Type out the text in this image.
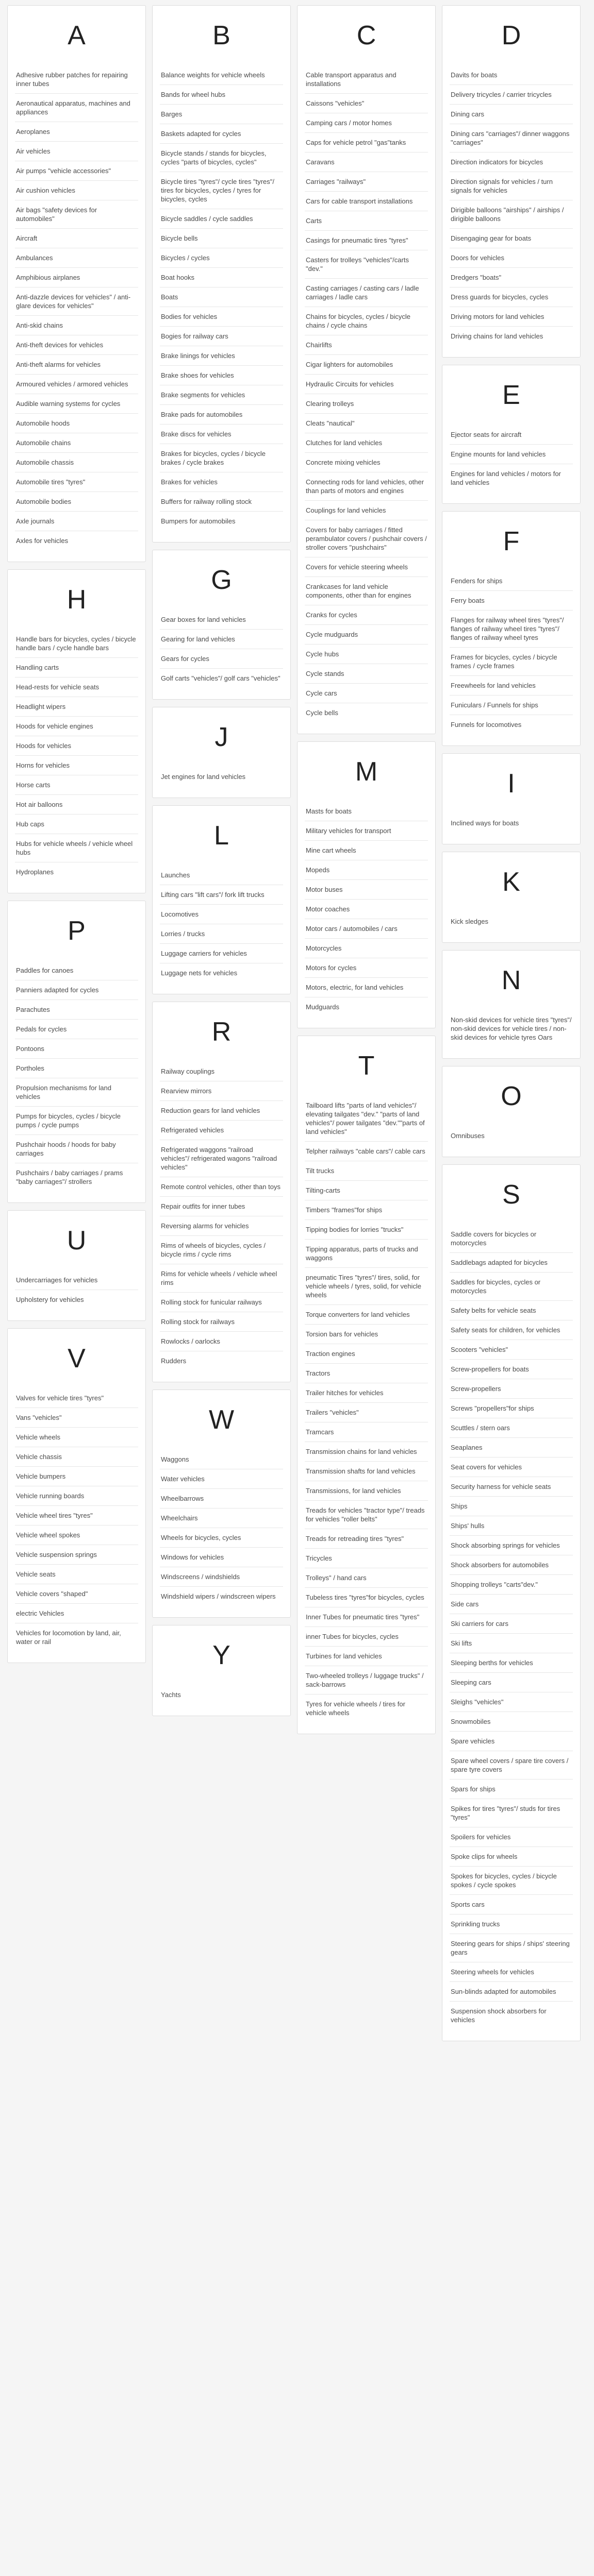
A
Adhesive rubber patches for repairing inner tubes
Aeronautical apparatus, machines and appliances
Aeroplanes
Air vehicles
Air pumps "vehicle accessories"
Air cushion vehicles
Air bags "safety devices for automobiles"
Aircraft
Ambulances
Amphibious airplanes
Anti-dazzle devices for vehicles" / anti-glare devices for vehicles"
Anti-skid chains
Anti-theft devices for vehicles
Anti-theft alarms for vehicles
Armoured vehicles / armored vehicles
Audible warning systems for cycles
Automobile hoods
Automobile chains
Automobile chassis
Automobile tires "tyres"
Automobile bodies
Axle journals
Axles for vehicles
H
Handle bars for bicycles, cycles / bicycle handle bars / cycle handle bars
Handling carts
Head-rests for vehicle seats
Headlight wipers
Hoods for vehicle engines
Hoods for vehicles
Horns for vehicles
Horse carts
Hot air balloons
Hub caps
Hubs for vehicle wheels / vehicle wheel hubs
Hydroplanes
P
Paddles for canoes
Panniers adapted for cycles
Parachutes
Pedals for cycles
Pontoons
Portholes
Propulsion mechanisms for land vehicles
Pumps for bicycles, cycles / bicycle pumps / cycle pumps
Pushchair hoods / hoods for baby carriages
Pushchairs / baby carriages / prams "baby carriages"/ strollers
U
Undercarriages for vehicles
Upholstery for vehicles
V
Valves for vehicle tires "tyres"
Vans "vehicles"
Vehicle wheels
Vehicle chassis
Vehicle bumpers
Vehicle running boards
Vehicle wheel tires "tyres"
Vehicle wheel spokes
Vehicle suspension springs
Vehicle seats
Vehicle covers "shaped"
electric Vehicles
Vehicles for locomotion by land, air, water or rail
B
Balance weights for vehicle wheels
Bands for wheel hubs
Barges
Baskets adapted for cycles
Bicycle stands / stands for bicycles, cycles "parts of bicycles, cycles"
Bicycle tires "tyres"/ cycle tires "tyres"/ tires for bicycles, cycles / tyres for bicycles, cycles
Bicycle saddles / cycle saddles
Bicycle bells
Bicycles / cycles
Boat hooks
Boats
Bodies for vehicles
Bogies for railway cars
Brake linings for vehicles
Brake shoes for vehicles
Brake segments for vehicles
Brake pads for automobiles
Brake discs for vehicles
Brakes for bicycles, cycles / bicycle brakes / cycle brakes
Brakes for vehicles
Buffers for railway rolling stock
Bumpers for automobiles
G
Gear boxes for land vehicles
Gearing for land vehicles
Gears for cycles
Golf carts "vehicles"/ golf cars "vehicles"
J
Jet engines for land vehicles
L
Launches
Lifting cars "lift cars"/ fork lift trucks
Locomotives
Lorries / trucks
Luggage carriers for vehicles
Luggage nets for vehicles
R
Railway couplings
Rearview mirrors
Reduction gears for land vehicles
Refrigerated vehicles
Refrigerated waggons "railroad vehicles"/ refrigerated wagons "railroad vehicles"
Remote control vehicles, other than toys
Repair outfits for inner tubes
Reversing alarms for vehicles
Rims of wheels of bicycles, cycles / bicycle rims / cycle rims
Rims for vehicle wheels / vehicle wheel rims
Rolling stock for funicular railways
Rolling stock for railways
Rowlocks / oarlocks
Rudders
W
Waggons
Water vehicles
Wheelbarrows
Wheelchairs
Wheels for bicycles, cycles
Windows for vehicles
Windscreens / windshields
Windshield wipers / windscreen wipers
Y
Yachts
C
Cable transport apparatus and installations
Caissons "vehicles"
Camping cars / motor homes
Caps for vehicle petrol "gas"tanks
Caravans
Carriages "railways"
Cars for cable transport installations
Carts
Casings for pneumatic tires "tyres"
Casters for trolleys "vehicles"/carts "dev."
Casting carriages / casting cars / ladle carriages / ladle cars
Chains for bicycles, cycles / bicycle chains / cycle chains
Chairlifts
Cigar lighters for automobiles
Hydraulic Circuits for vehicles
Clearing trolleys
Cleats "nautical"
Clutches for land vehicles
Concrete mixing vehicles
Connecting rods for land vehicles, other than parts of motors and engines
Couplings for land vehicles
Covers for baby carriages / fitted perambulator covers / pushchair covers / stroller covers "pushchairs"
Covers for vehicle steering wheels
Crankcases for land vehicle components, other than for engines
Cranks for cycles
Cycle mudguards
Cycle hubs
Cycle stands
Cycle cars
Cycle bells
M
Masts for boats
Military vehicles for transport
Mine cart wheels
Mopeds
Motor buses
Motor coaches
Motor cars / automobiles / cars
Motorcycles
Motors for cycles
Motors, electric, for land vehicles
Mudguards
T
Tailboard lifts "parts of land vehicles"/ elevating tailgates "dev." "parts of land vehicles"/ power tailgates "dev.""parts of land vehicles"
Telpher railways "cable cars"/ cable cars
Tilt trucks
Tilting-carts
Timbers "frames"for ships
Tipping bodies for lorries "trucks"
Tipping apparatus, parts of trucks and waggons
pneumatic Tires "tyres"/ tires, solid, for vehicle wheels / tyres, solid, for vehicle wheels
Torque converters for land vehicles
Torsion bars for vehicles
Traction engines
Tractors
Trailer hitches for vehicles
Trailers "vehicles"
Tramcars
Transmission chains for land vehicles
Transmission shafts for land vehicles
Transmissions, for land vehicles
Treads for vehicles "tractor type"/ treads for vehicles "roller belts"
Treads for retreading tires "tyres"
Tricycles
Trolleys" / hand cars
Tubeless tires "tyres"for bicycles, cycles
Inner Tubes for pneumatic tires "tyres"
inner Tubes for bicycles, cycles
Turbines for land vehicles
Two-wheeled trolleys / luggage trucks" / sack-barrows
Tyres for vehicle wheels / tires for vehicle wheels
D
Davits for boats
Delivery tricycles / carrier tricycles
Dining cars
Dining cars "carriages"/ dinner waggons "carriages"
Direction indicators for bicycles
Direction signals for vehicles / turn signals for vehicles
Dirigible balloons "airships" / airships / dirigible balloons
Disengaging gear for boats
Doors for vehicles
Dredgers "boats"
Dress guards for bicycles, cycles
Driving motors for land vehicles
Driving chains for land vehicles
E
Ejector seats for aircraft
Engine mounts for land vehicles
Engines for land vehicles / motors for land vehicles
F
Fenders for ships
Ferry boats
Flanges for railway wheel tires "tyres"/ flanges of railway wheel tires "tyres"/ flanges of railway wheel tyres
Frames for bicycles, cycles / bicycle frames / cycle frames
Freewheels for land vehicles
Funiculars / Funnels for ships
Funnels for locomotives
I
Inclined ways for boats
K
Kick sledges
N
Non-skid devices for vehicle tires "tyres"/ non-skid devices for vehicle tires / non-skid devices for vehicle tyres Oars
O
Omnibuses
S
Saddle covers for bicycles or motorcycles
Saddlebags adapted for bicycles
Saddles for bicycles, cycles or motorcycles
Safety belts for vehicle seats
Safety seats for children, for vehicles
Scooters "vehicles"
Screw-propellers for boats
Screw-propellers
Screws "propellers"for ships
Scuttles / stern oars
Seaplanes
Seat covers for vehicles
Security harness for vehicle seats
Ships
Ships' hulls
Shock absorbing springs for vehicles
Shock absorbers for automobiles
Shopping trolleys "carts"dev."
Side cars
Ski carriers for cars
Ski lifts
Sleeping berths for vehicles
Sleeping cars
Sleighs "vehicles"
Snowmobiles
Spare vehicles
Spare wheel covers / spare tire covers / spare tyre covers
Spars for ships
Spikes for tires "tyres"/ studs for tires "tyres"
Spoilers for vehicles
Spoke clips for wheels
Spokes for bicycles, cycles / bicycle spokes / cycle spokes
Sports cars
Sprinkling trucks
Steering gears for ships / ships' steering gears
Steering wheels for vehicles
Sun-blinds adapted for automobiles
Suspension shock absorbers for vehicles
